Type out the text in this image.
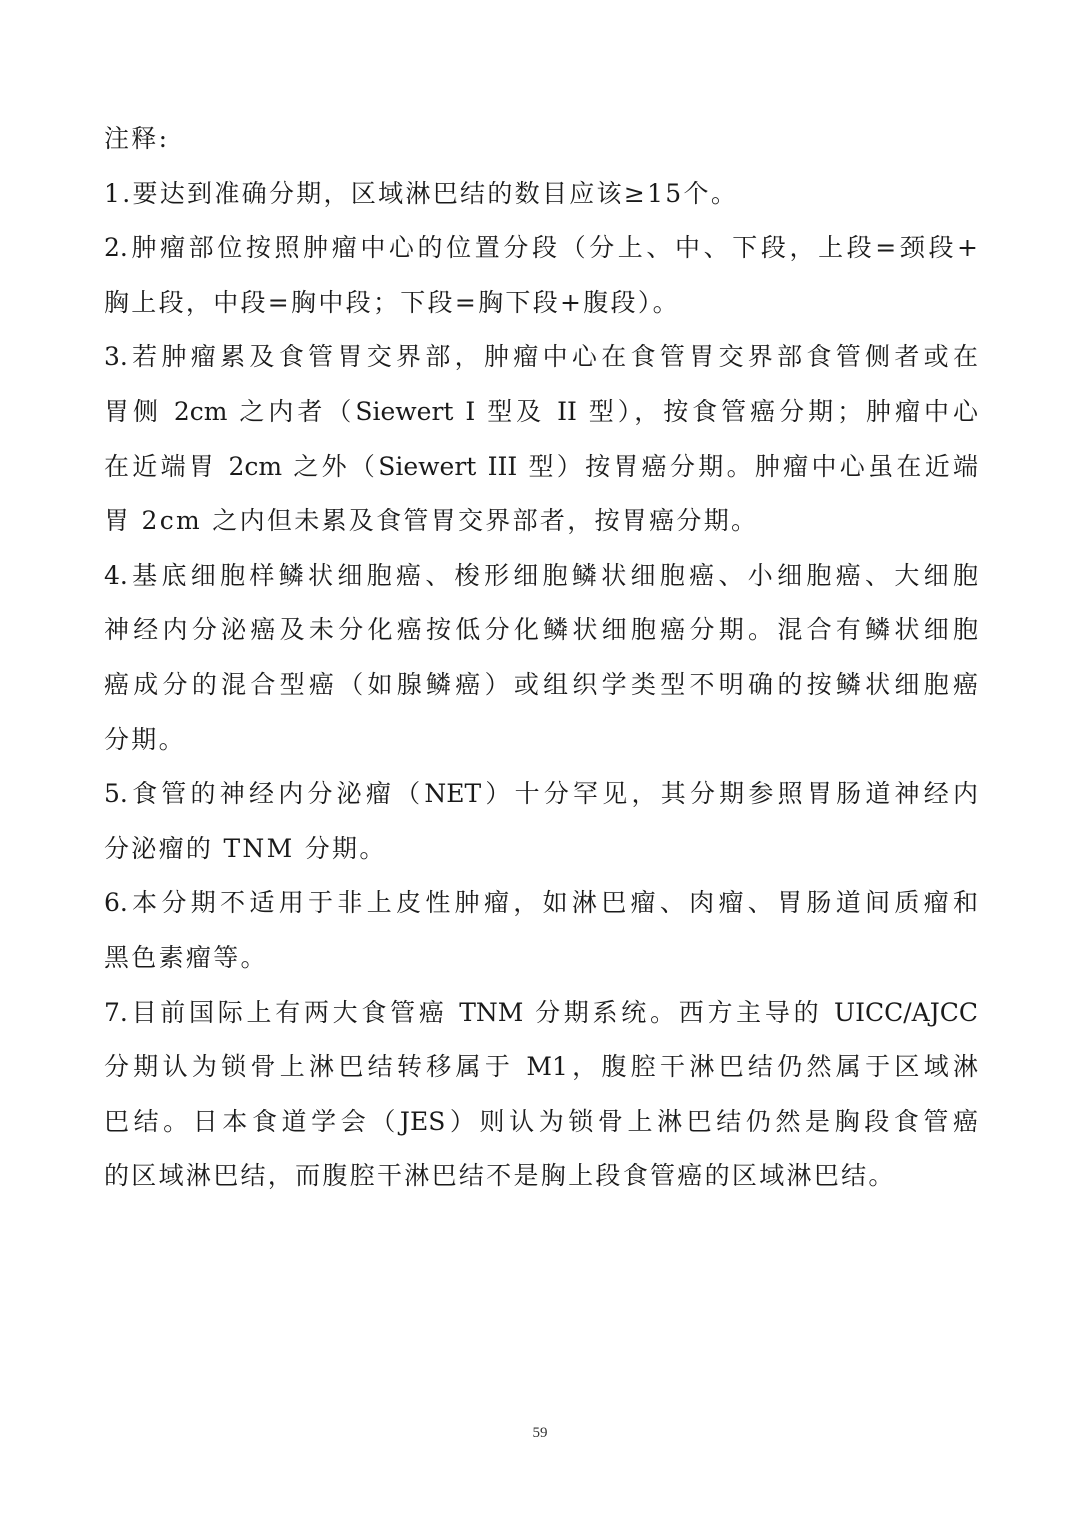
注释:
1.要达到准确分期，区域淋巴结的数目应该≥15个。
2.肿瘤部位按照肿瘤中心的位置分段（分上、中、下段，上段=颈段+
胸上段，中段=胸中段；下段=胸下段+腹段）。
3.若肿瘤累及食管胃交界部，肿瘤中心在食管胃交界部食管侧者或在
胃侧 2cm 之内者（Siewert I 型及 II 型），按食管癌分期；肿瘤中心
在近端胃 2cm 之外（Siewert III 型）按胃癌分期。肿瘤中心虽在近端
胃 2cm 之内但未累及食管胃交界部者，按胃癌分期。
4.基底细胞样鳞状细胞癌、梭形细胞鳞状细胞癌、小细胞癌、大细胞
神经内分泌癌及未分化癌按低分化鳞状细胞癌分期。混合有鳞状细胞
癌成分的混合型癌（如腺鳞癌）或组织学类型不明确的按鳞状细胞癌
分期。
5.食管的神经内分泌瘤（NET）十分罕见，其分期参照胃肠道神经内
分泌瘤的 TNM 分期。
6.本分期不适用于非上皮性肿瘤，如淋巴瘤、肉瘤、胃肠道间质瘤和
黑色素瘤等。
7.目前国际上有两大食管癌 TNM 分期系统。西方主导的 UICC/AJCC
分期认为锁骨上淋巴结转移属于 M1，腹腔干淋巴结仍然属于区域淋
巴结。日本食道学会（JES）则认为锁骨上淋巴结仍然是胸段食管癌
的区域淋巴结，而腹腔干淋巴结不是胸上段食管癌的区域淋巴结。
59
